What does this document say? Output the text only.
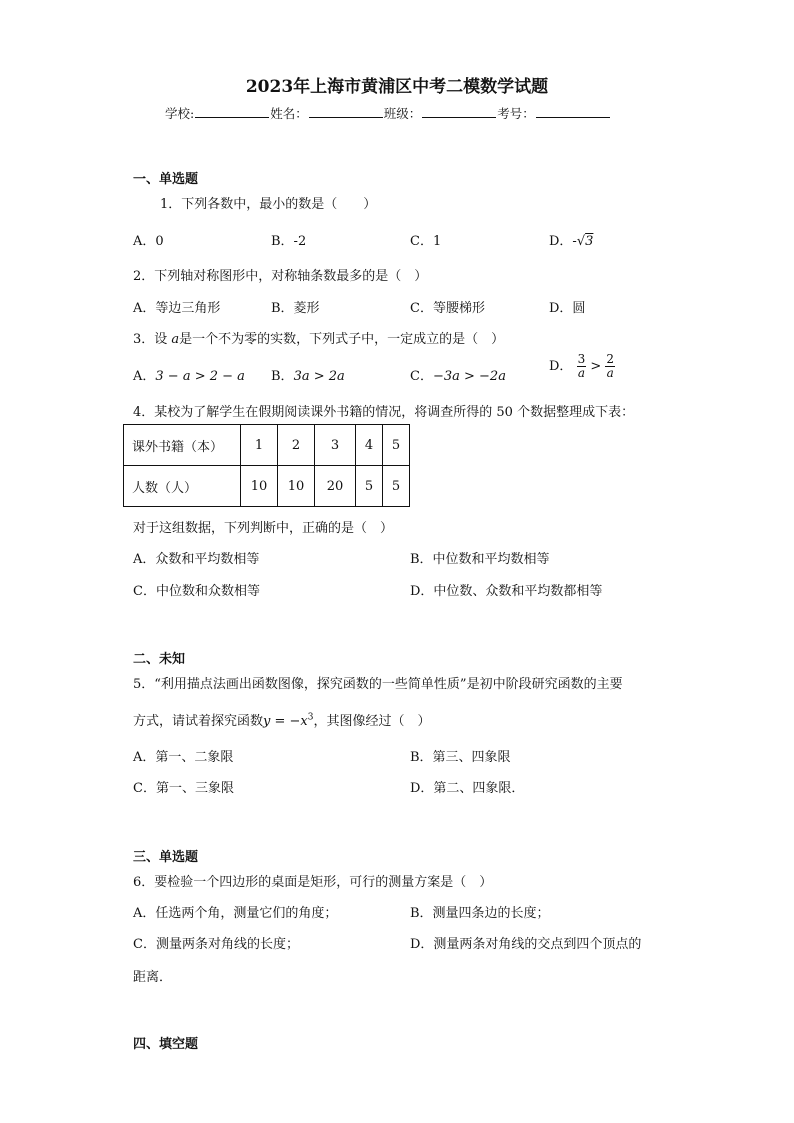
2023年上海市黄浦区中考二模数学试题
学校:	姓名：	班级：	考号：
一、单选题
1．下列各数中，最小的数是（　　）
A．0	B．-2	C．1	D．-√3
2．下列轴对称图形中，对称轴条数最多的是（　）
A．等边三角形	B．菱形	C．等腰梯形	D．圆
3．设 a是一个不为零的实数，下列式子中，一定成立的是（　）
A．3 − a > 2 − a B．3a > 2a	C．−3a > −2a
D． $\frac{3}{a} > \frac{2}{a}$
4．某校为了解学生在假期阅读课外书籍的情况，将调查所得的 50 个数据整理成下表：
课外书籍（本）	1	2	3	4	5
人数（人）	10	10	20	5	5
对于这组数据，下列判断中，正确的是（　）
A．众数和平均数相等	B．中位数和平均数相等
C．中位数和众数相等	D．中位数、众数和平均数都相等
二、未知
5．“利用描点法画出函数图像，探究函数的一些简单性质”是初中阶段研究函数的主要
方式，请试着探究函数$y = -x^3$，其图像经过（　）
A．第一、二象限	B．第三、四象限
C．第一、三象限	D．第二、四象限．
三、单选题
6．要检验一个四边形的桌面是矩形，可行的测量方案是（　）
A．任选两个角，测量它们的角度；	B．测量四条边的长度；
C．测量两条对角线的长度；	D．测量两条对角线的交点到四个顶点的
距离．
四、填空题
